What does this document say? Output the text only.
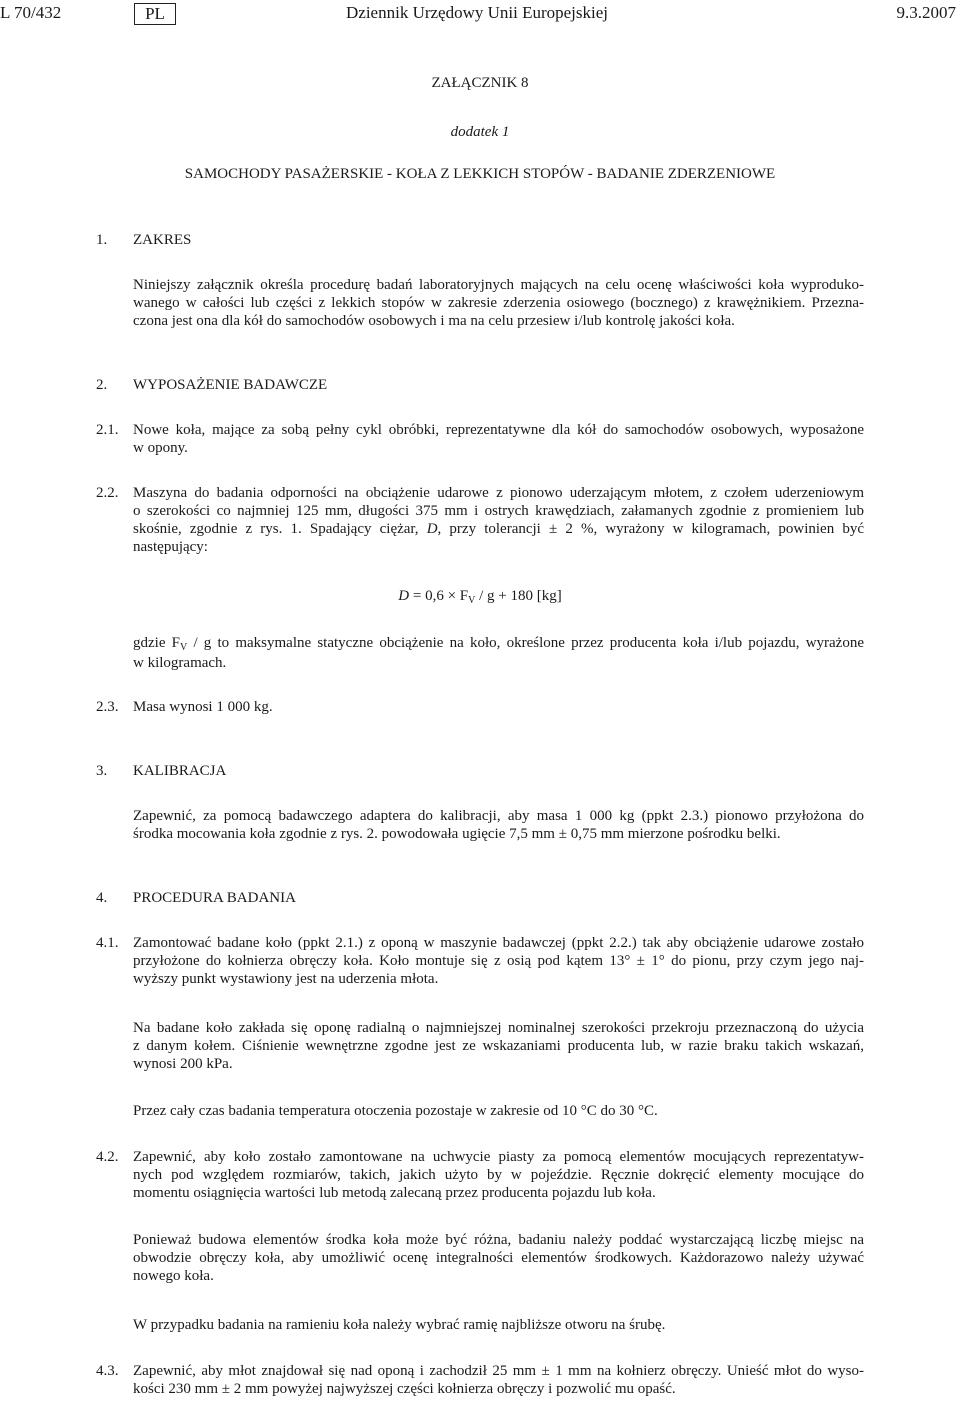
L 70/432	PL	Dziennik Urzędowy Unii Europejskiej	9.3.2007
ZAŁĄCZNIK 8
dodatek 1
SAMOCHODY PASAŻERSKIE - KOŁA Z LEKKICH STOPÓW - BADANIE ZDERZENIOWE
1. ZAKRES
Niniejszy załącznik określa procedurę badań laboratoryjnych mających na celu ocenę właściwości koła wyproduko-
wanego w całości lub części z lekkich stopów w zakresie zderzenia osiowego (bocznego) z krawężnikiem. Przezna-
czona jest ona dla kół do samochodów osobowych i ma na celu przesiew i/lub kontrolę jakości koła.
2. WYPOSAŻENIE BADAWCZE
2.1. Nowe koła, mające za sobą pełny cykl obróbki, reprezentatywne dla kół do samochodów osobowych, wyposażone
w opony.
2.2. Maszyna do badania odporności na obciążenie udarowe z pionowo uderzającym młotem, z czołem uderzeniowym
o szerokości co najmniej 125 mm, długości 375 mm i ostrych krawędziach, załamanych zgodnie z promieniem lub
skośnie, zgodnie z rys. 1. Spadający ciężar, D, przy tolerancji ± 2 %, wyrażony w kilogramach, powinien być
następujący:
$D = 0,6 \times F_V / g + 180$ [kg]
gdzie $F_V$ / g to maksymalne statyczne obciążenie na koło, określone przez producenta koła i/lub pojazdu, wyrażone
w kilogramach.
2.3. Masa wynosi 1 000 kg.
3. KALIBRACJA
Zapewnić, za pomocą badawczego adaptera do kalibracji, aby masa 1 000 kg (ppkt 2.3.) pionowo przyłożona do
środka mocowania koła zgodnie z rys. 2. powodowała ugięcie 7,5 mm ± 0,75 mm mierzone pośrodku belki.
4. PROCEDURA BADANIA
4.1. Zamontować badane koło (ppkt 2.1.) z oponą w maszynie badawczej (ppkt 2.2.) tak aby obciążenie udarowe zostało
przyłożone do kołnierza obręczy koła. Koło montuje się z osią pod kątem 13° ± 1° do pionu, przy czym jego naj-
wyższy punkt wystawiony jest na uderzenia młota.
Na badane koło zakłada się oponę radialną o najmniejszej nominalnej szerokości przekroju przeznaczoną do użycia
z danym kołem. Ciśnienie wewnętrzne zgodne jest ze wskazaniami producenta lub, w razie braku takich wskazań,
wynosi 200 kPa.
Przez cały czas badania temperatura otoczenia pozostaje w zakresie od 10 °C do 30 °C.
4.2. Zapewnić, aby koło zostało zamontowane na uchwycie piasty za pomocą elementów mocujących reprezentatyw-
nych pod względem rozmiarów, takich, jakich użyto by w pojeździe. Ręcznie dokręcić elementy mocujące do
momentu osiągnięcia wartości lub metodą zalecaną przez producenta pojazdu lub koła.
Ponieważ budowa elementów środka koła może być różna, badaniu należy poddać wystarczającą liczbę miejsc na
obwodzie obręczy koła, aby umożliwić ocenę integralności elementów środkowych. Każdorazowo należy używać
nowego koła.
W przypadku badania na ramieniu koła należy wybrać ramię najbliższe otworu na śrubę.
4.3. Zapewnić, aby młot znajdował się nad oponą i zachodził 25 mm ± 1 mm na kołnierz obręczy. Unieść młot do wyso-
kości 230 mm ± 2 mm powyżej najwyższej części kołnierza obręczy i pozwolić mu opaść.
